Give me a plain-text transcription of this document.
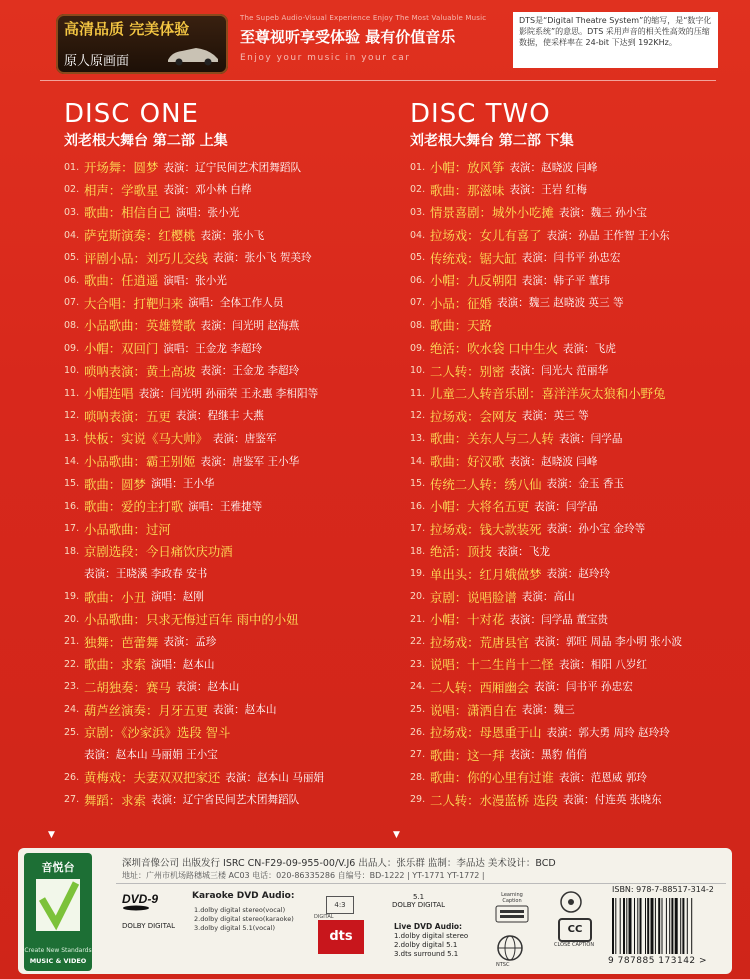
高清品质 完美体验
原人原画面
The Supeb Audio-Visual Experience Enjoy The Most Valuable Music
至尊视听享受体验 最有价值音乐
Enjoy your music in your car
DTS是“Digital Theatre System”的缩写，是“数字化影院系统”的意思。DTS 采用声音的相关性高效的压缩数据，使采样率在 24-bit 下达到 192KHz。
DISC ONE
刘老根大舞台 第二部 上集
01. 开场舞：圆梦 表演：辽宁民间艺术团舞蹈队
02. 相声：学歌星 表演：邓小林 白桦
03. 歌曲：相信自己 演唱：张小光
04. 萨克斯演奏：红樱桃 表演：张小飞
05. 评剧小品：刘巧儿交线 表演：张小飞 贺美玲
06. 歌曲：任逍遥 演唱：张小光
07. 大合唱：打靶归来 演唱：全体工作人员
08. 小品歌曲：英雄赞歌 表演：闫光明 赵海燕
09. 小帽：双回门 演唱：王金龙 李超玲
10. 唢呐表演：黄土高坡 表演：王金龙 李超玲
11. 小帽连唱 表演：闫光明 孙丽荣 王永惠 李相阳等
12. 唢呐表演：五更 表演：程继丰 大燕
13. 快板：实说《马大帅》 表演：唐鉴军
14. 小品歌曲：霸王别姬 表演：唐鉴军 王小华
15. 歌曲：圆梦 演唱：王小华
16. 歌曲：爱的主打歌 演唱：王雅捷等
17. 小品歌曲：过河
18. 京剧选段：今日痛饮庆功酒
表演：王晓溪 李政春 安书
19. 歌曲：小丑 演唱：赵刚
20. 小品歌曲：只求无悔过百年 雨中的小妞
21. 独舞：芭蕾舞 表演：孟珍
22. 歌曲：求索 演唱：赵本山
23. 二胡独奏：赛马 表演：赵本山
24. 葫芦丝演奏：月牙五更 表演：赵本山
25. 京剧：《沙家浜》选段 智斗
表演：赵本山 马丽娟 王小宝
26. 黄梅戏：夫妻双双把家还 表演：赵本山 马丽娟
27. 舞蹈：求索 表演：辽宁省民间艺术团舞蹈队
DISC TWO
刘老根大舞台 第二部 下集
01. 小帽：放风筝 表演：赵晓波 闫峰
02. 歌曲：那滋味 表演：王岩 红梅
03. 情景喜剧：城外小吃摊 表演：魏三 孙小宝
04. 拉场戏：女儿有喜了 表演：孙晶 王作智 王小东
05. 传统戏：锯大缸 表演：闫书平 孙忠宏
06. 小帽：九反朝阳 表演：韩子平 董玮
07. 小品：征婚 表演：魏三 赵晓波 英三 等
08. 歌曲：天路
09. 绝活：吹水袋 口中生火 表演：飞虎
10. 二人转：别密 表演：闫光大 范丽华
11. 儿童二人转音乐剧：喜洋洋灰太狼和小野兔
12. 拉场戏：会网友 表演：英三 等
13. 歌曲：关东人与二人转 表演：闫学晶
14. 歌曲：好汉歌 表演：赵晓波 闫峰
15. 传统二人转：绣八仙 表演：金玉 香玉
16. 小帽：大将名五更 表演：闫学晶
17. 拉场戏：钱大款装死 表演：孙小宝 金玲等
18. 绝活：顶技 表演：飞龙
19. 单出头：红月娥做梦 表演：赵玲玲
20. 京剧：说唱脸谱 表演：高山
21. 小帽：十对花 表演：闫学晶 董宝贵
22. 拉场戏：荒唐县官 表演：郭旺 周晶 李小明 张小波
23. 说唱：十二生肖十二怪 表演：相阳 八岁红
24. 二人转：西厢幽会 表演：闫书平 孙忠宏
25. 说唱：潇洒自在 表演：魏三
26. 拉场戏：母恩重于山 表演：郭大勇 周玲 赵玲玲
27. 歌曲：这一拜 表演：黑豹 俏俏
28. 歌曲：你的心里有过谁 表演：范恩威 郭玲
29. 二人转：水漫蓝桥 选段 表演：付连英 张晓东
▼	▼
音悦台
Create New Standards
MUSIC & VIDEO
深圳音像公司 出版发行 ISRC CN-F29-09-955-00/V.J6 出品人：张乐群 监制：李品达 美术设计：BCD
地址：广州市机场路穗城三楼 AC03 电话：020-86335286 自编号：BD-1222 | YT-1771 YT-1772 |
DVD-9
DOLBY DIGITAL
Karaoke DVD Audio:
1.dolby digital stereo(vocal)
2.dolby digital stereo(karaoke)
3.dolby digital 5.1(vocal)
4:3
DIGITAL
dts
5.1
DOLBY DIGITAL
Live DVD Audio:
1.dolby digital stereo
2.dolby digital 5.1
3.dts surround 5.1
Learning Caption
NTSC
CC
CLOSE CAPTION
ISBN: 978-7-88517-314-2
9 787885 173142 >
